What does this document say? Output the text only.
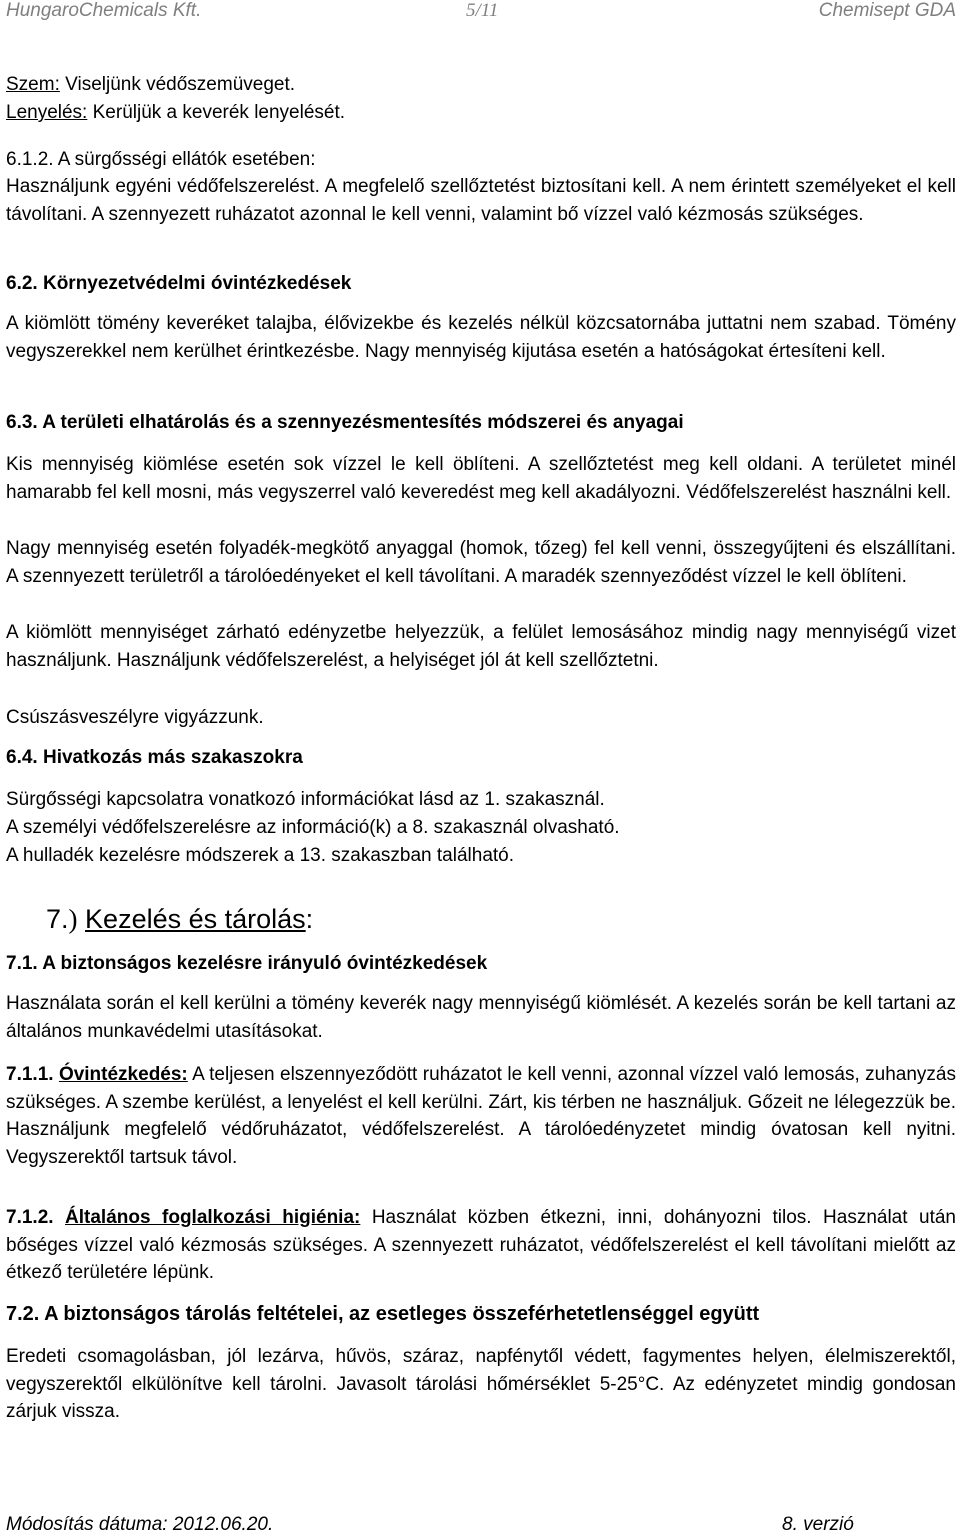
HungaroChemicals Kft.	5/11	Chemisept GDA
Szem: Viseljünk védőszemüveget.
Lenyelés: Kerüljük a keverék lenyelését.
6.1.2. A sürgősségi ellátók esetében:
Használjunk egyéni védőfelszerelést. A megfelelő szellőztetést biztosítani kell. A nem érintett személyeket el kell távolítani. A szennyezett ruházatot azonnal le kell venni, valamint bő vízzel való kézmosás szükséges.
6.2. Környezetvédelmi óvintézkedések
A kiömlött tömény keveréket talajba, élővizekbe és kezelés nélkül közcsatornába juttatni nem szabad. Tömény vegyszerekkel nem kerülhet érintkezésbe. Nagy mennyiség kijutása esetén a hatóságokat értesíteni kell.
6.3. A területi elhatárolás és a szennyezésmentesítés módszerei és anyagai
Kis mennyiség kiömlése esetén sok vízzel le kell öblíteni. A szellőztetést meg kell oldani. A területet minél hamarabb fel kell mosni, más vegyszerrel való keveredést meg kell akadályozni. Védőfelszerelést használni kell.
Nagy mennyiség esetén folyadék-megkötő anyaggal (homok, tőzeg) fel kell venni, összegyűjteni és elszállítani. A szennyezett területről a tárolóedényeket el kell távolítani. A maradék szennyeződést vízzel le kell öblíteni.
A kiömlött mennyiséget zárható edényzetbe helyezzük, a felület lemosásához mindig nagy mennyiségű vizet használjunk. Használjunk védőfelszerelést, a helyiséget jól át kell szellőztetni.
Csúszásveszélyre vigyázzunk.
6.4. Hivatkozás más szakaszokra
Sürgősségi kapcsolatra vonatkozó információkat lásd az 1. szakasznál.
A személyi védőfelszerelésre az információ(k) a 8. szakasznál olvasható.
A hulladék kezelésre módszerek a 13. szakaszban található.
7.) Kezelés és tárolás:
7.1. A biztonságos kezelésre irányuló óvintézkedések
Használata során el kell kerülni a tömény keverék nagy mennyiségű kiömlését. A kezelés során be kell tartani az általános munkavédelmi utasításokat.
7.1.1. Óvintézkedés: A teljesen elszennyeződött ruházatot le kell venni, azonnal vízzel való lemosás, zuhanyzás szükséges. A szembe kerülést, a lenyelést el kell kerülni. Zárt, kis térben ne használjuk. Gőzeit ne lélegezzük be. Használjunk megfelelő védőruházatot, védőfelszerelést. A tárolóedényzetet mindig óvatosan kell nyitni. Vegyszerektől tartsuk távol.
7.1.2. Általános foglalkozási higiénia: Használat közben étkezni, inni, dohányozni tilos. Használat után bőséges vízzel való kézmosás szükséges. A szennyezett ruházatot, védőfelszerelést el kell távolítani mielőtt az étkező területére lépünk.
7.2. A biztonságos tárolás feltételei, az esetleges összeférhetetlenséggel együtt
Eredeti csomagolásban, jól lezárva, hűvös, száraz, napfénytől védett, fagymentes helyen, élelmiszerektől, vegyszerektől elkülönítve kell tárolni. Javasolt tárolási hőmérséklet 5-25°C. Az edényzetet mindig gondosan zárjuk vissza.
Módosítás dátuma: 2012.06.20.	8. verzió
